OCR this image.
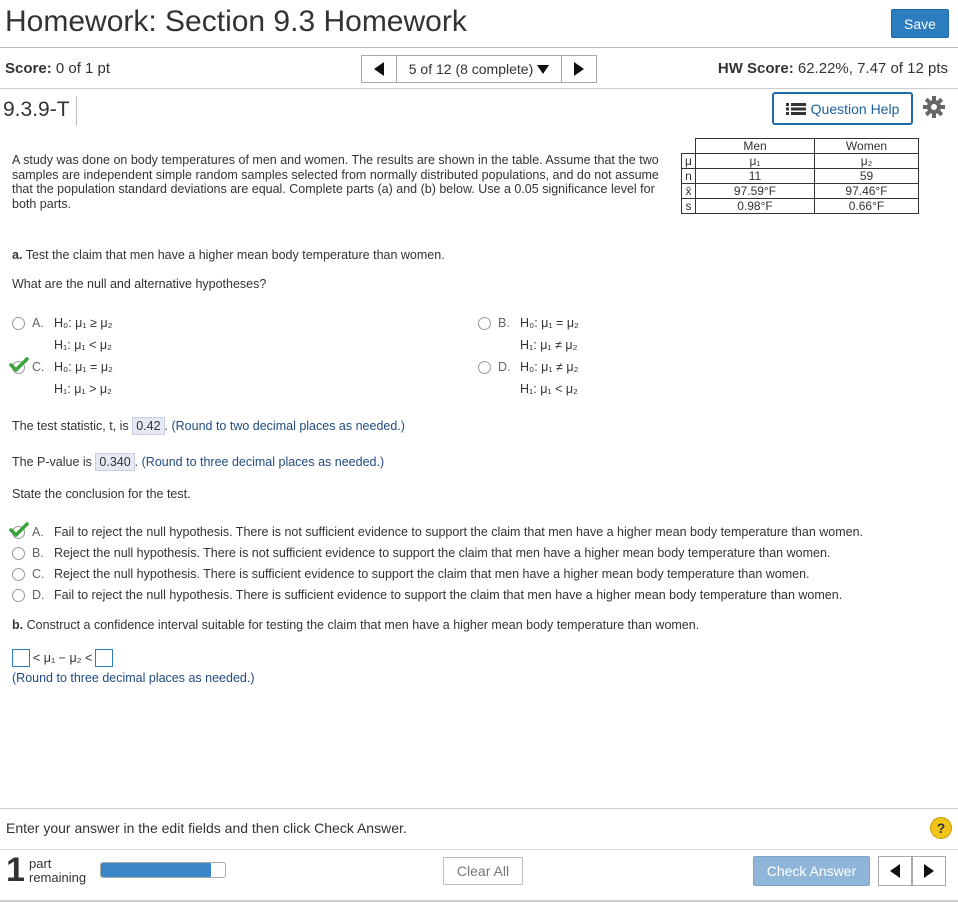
Homework: Section 9.3 Homework	Save
Score: 0 of 1 pt	5 of 12 (8 complete)	HW Score: 62.22%, 7.47 of 12 pts
9.3.9-T	Question Help
A study was done on body temperatures of men and women. The results are shown in the table. Assume that the two samples are independent simple random samples selected from normally distributed populations, and do not assume that the population standard deviations are equal. Complete parts (a) and (b) below. Use a 0.05 significance level for both parts.
	Men	Women
μ	μ₁	μ₂
n	11	59
x̄	97.59°F	97.46°F
s	0.98°F	0.66°F
a. Test the claim that men have a higher mean body temperature than women.
What are the null and alternative hypotheses?
A. H₀: μ₁ ≥ μ₂
H₁: μ₁ < μ₂
B. H₀: μ₁ = μ₂
H₁: μ₁ ≠ μ₂
C. H₀: μ₁ = μ₂
H₁: μ₁ > μ₂
D. H₀: μ₁ ≠ μ₂
H₁: μ₁ < μ₂
The test statistic, t, is 0.42 . (Round to two decimal places as needed.)
The P-value is 0.340 . (Round to three decimal places as needed.)
State the conclusion for the test.
A. Fail to reject the null hypothesis. There is not sufficient evidence to support the claim that men have a higher mean body temperature than women.
B. Reject the null hypothesis. There is not sufficient evidence to support the claim that men have a higher mean body temperature than women.
C. Reject the null hypothesis. There is sufficient evidence to support the claim that men have a higher mean body temperature than women.
D. Fail to reject the null hypothesis. There is sufficient evidence to support the claim that men have a higher mean body temperature than women.
b. Construct a confidence interval suitable for testing the claim that men have a higher mean body temperature than women.
< μ₁ − μ₂ <
(Round to three decimal places as needed.)
Enter your answer in the edit fields and then click Check Answer.	?
1 part
remaining	Clear All	Check Answer
